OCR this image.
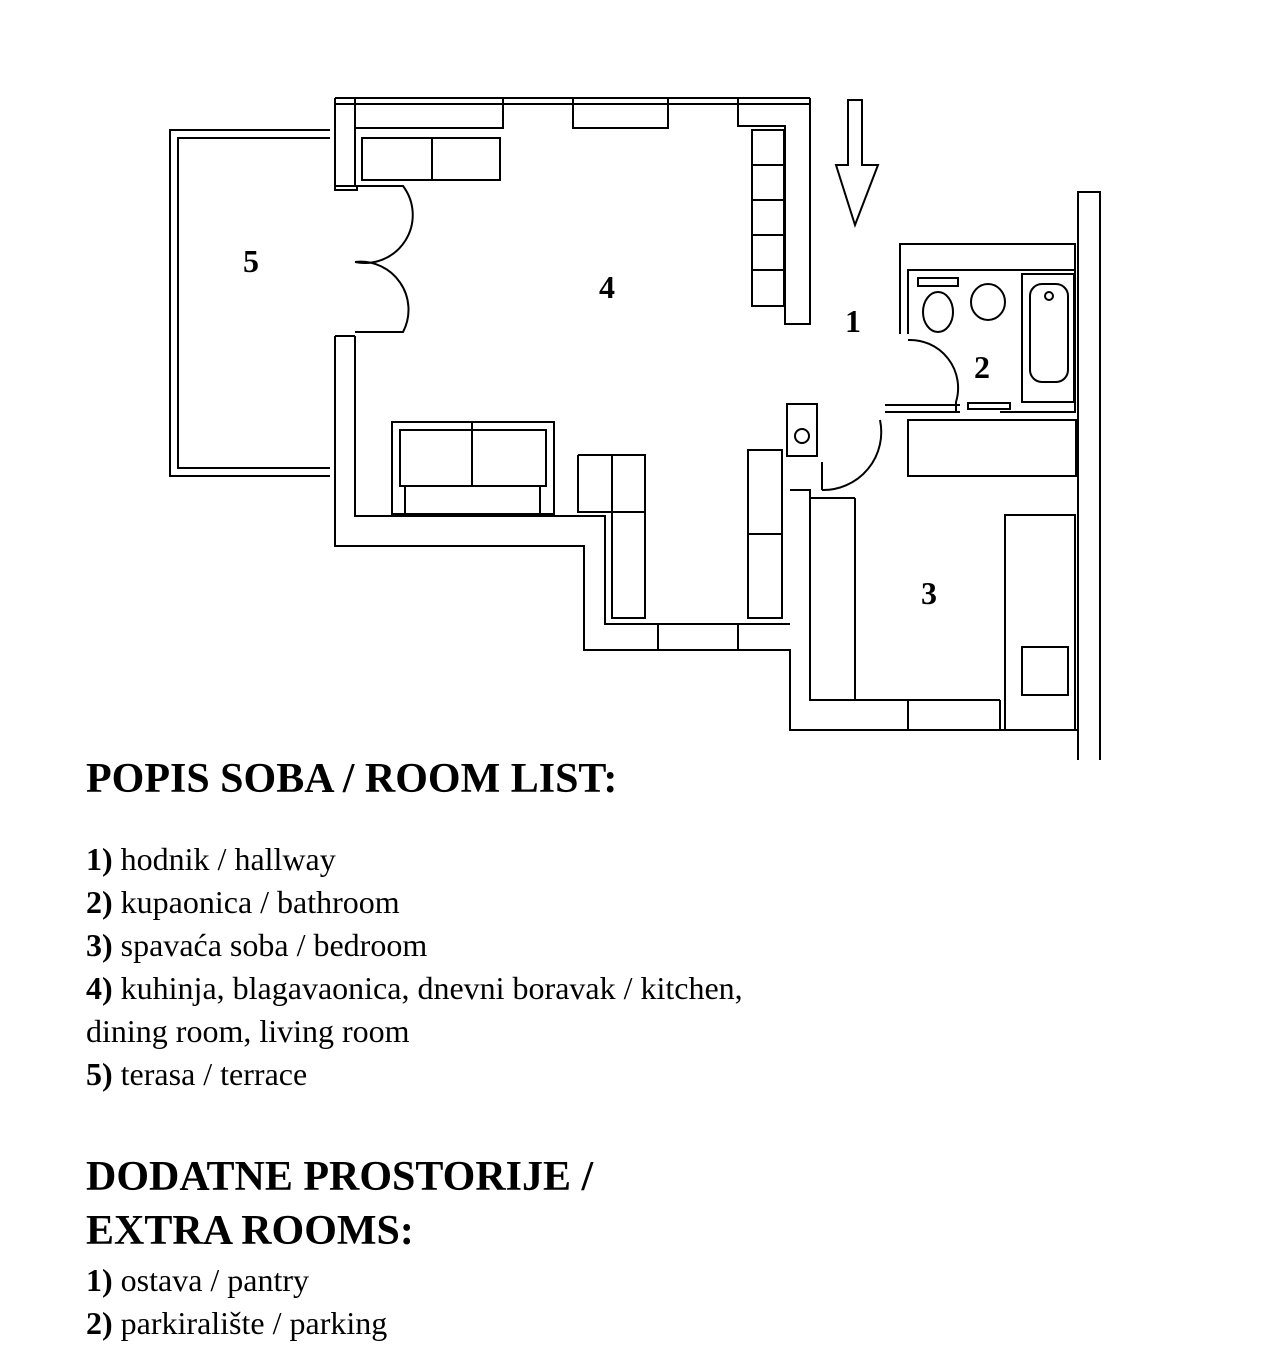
1
2
3
4
5

POPIS SOBA / ROOM LIST:

1) hodnik / hallway
2) kupaonica / bathroom
3) spavaća soba / bedroom
4) kuhinja, blagavaonica, dnevni boravak / kitchen,
dining room, living room
5) terasa / terrace

DODATNE PROSTORIJE /

EXTRA ROOMS:

1) ostava / pantry
2) parkiralište / parking
